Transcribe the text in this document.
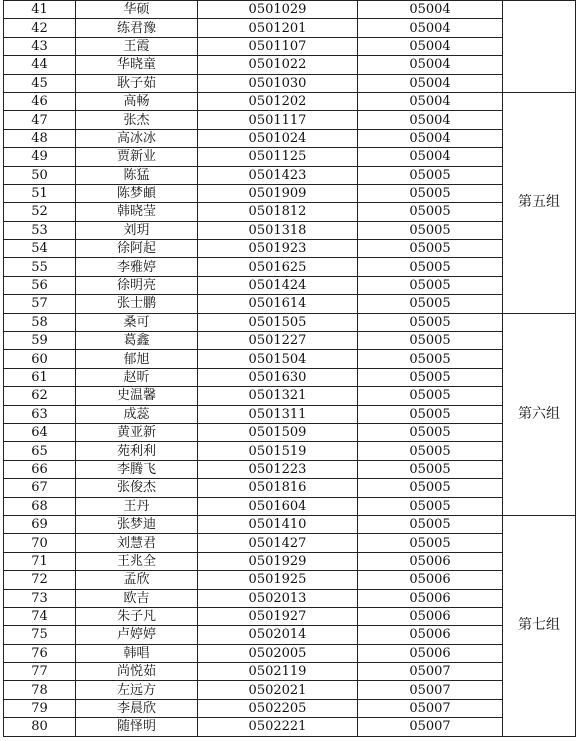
41	华硕	0501029	05004	
42	练君豫	0501201	05004	
43	王霞	0501107	05004	
44	华晓童	0501022	05004	
45	耿子茹	0501030	05004	
46	高畅	0501202	05004	第五组
47	张杰	0501117	05004	
48	高冰冰	0501024	05004	
49	贾新业	0501125	05004	
50	陈猛	0501423	05005	
51	陈梦頔	0501909	05005	
52	韩晓莹	0501812	05005	
53	刘玥	0501318	05005	
54	徐阿起	0501923	05005	
55	李雅婷	0501625	05005	
56	徐明亮	0501424	05005	
57	张士鹏	0501614	05005	
58	桑可	0501505	05005	第六组
59	葛鑫	0501227	05005	
60	郁旭	0501504	05005	
61	赵昕	0501630	05005	
62	史温馨	0501321	05005	
63	成蕊	0501311	05005	
64	黄亚新	0501509	05005	
65	苑利利	0501519	05005	
66	李腾飞	0501223	05005	
67	张俊杰	0501816	05005	
68	王丹	0501604	05005	
69	张梦迪	0501410	05005	第七组
70	刘慧君	0501427	05005	
71	王兆全	0501929	05006	
72	孟欣	0501925	05006	
73	欧吉	0502013	05006	
74	朱子凡	0501927	05006	
75	卢婷婷	0502014	05006	
76	韩唱	0502005	05006	
77	尚悦茹	0502119	05007	
78	左远方	0502021	05007	
79	李晨欣	0502205	05007	
80	随怿明	0502221	05007	
